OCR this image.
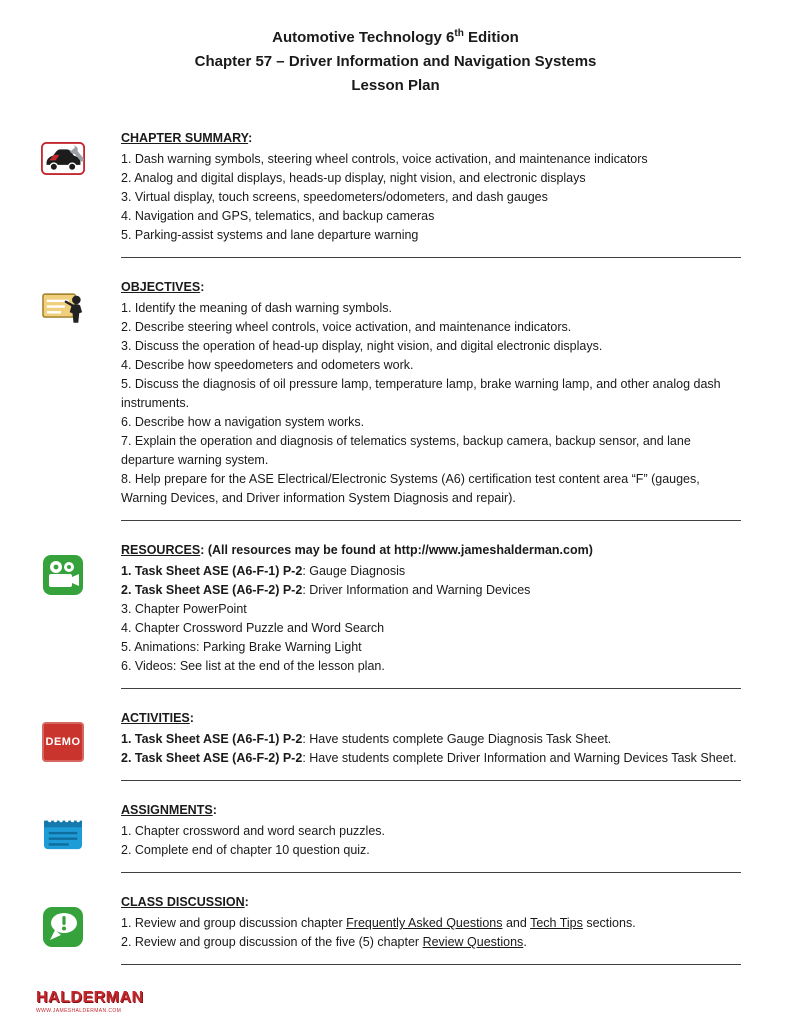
Automotive Technology 6th Edition
Chapter 57 – Driver Information and Navigation Systems
Lesson Plan
CHAPTER SUMMARY:
1. Dash warning symbols, steering wheel controls, voice activation, and maintenance indicators
2. Analog and digital displays, heads-up display, night vision, and electronic displays
3. Virtual display, touch screens, speedometers/odometers, and dash gauges
4. Navigation and GPS, telematics, and backup cameras
5. Parking-assist systems and lane departure warning
OBJECTIVES:
1. Identify the meaning of dash warning symbols.
2. Describe steering wheel controls, voice activation, and maintenance indicators.
3. Discuss the operation of head-up display, night vision, and digital electronic displays.
4. Describe how speedometers and odometers work.
5. Discuss the diagnosis of oil pressure lamp, temperature lamp, brake warning lamp, and other analog dash instruments.
6. Describe how a navigation system works.
7. Explain the operation and diagnosis of telematics systems, backup camera, backup sensor, and lane departure warning system.
8. Help prepare for the ASE Electrical/Electronic Systems (A6) certification test content area “F” (gauges, Warning Devices, and Driver information System Diagnosis and repair).
RESOURCES: (All resources may be found at http://www.jameshalderman.com)
1. Task Sheet ASE (A6-F-1) P-2: Gauge Diagnosis
2. Task Sheet ASE (A6-F-2) P-2: Driver Information and Warning Devices
3. Chapter PowerPoint
4. Chapter Crossword Puzzle and Word Search
5. Animations: Parking Brake Warning Light
6. Videos: See list at the end of the lesson plan.
DEMO
ACTIVITIES:
1. Task Sheet ASE (A6-F-1) P-2: Have students complete Gauge Diagnosis Task Sheet.
2. Task Sheet ASE (A6-F-2) P-2: Have students complete Driver Information and Warning Devices Task Sheet.
ASSIGNMENTS:
1. Chapter crossword and word search puzzles.
2. Complete end of chapter 10 question quiz.
CLASS DISCUSSION:
1. Review and group discussion chapter Frequently Asked Questions and Tech Tips sections.
2. Review and group discussion of the five (5) chapter Review Questions.
HALDERMAN
WWW.JAMESHALDERMAN.COM
